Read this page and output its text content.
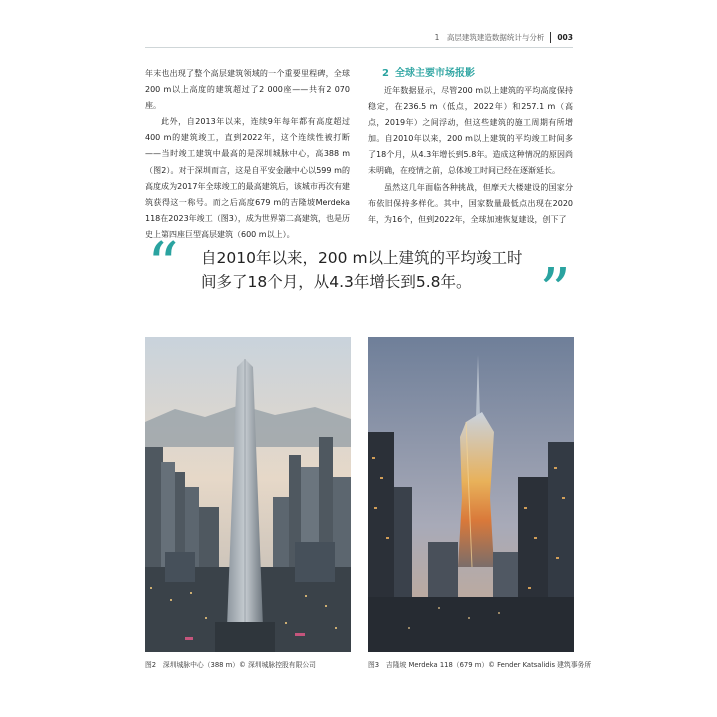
1　高层建筑建造数据统计与分析 003

年末也出现了整个高层建筑领域的一个重要里程碑，全球200 m以上高度的建筑超过了2 000座——共有2 070座。

此外，自2013年以来，连续9年每年都有高度超过400 m的建筑竣工，直到2022年，这个连续性被打断——当时竣工建筑中最高的是深圳城脉中心，高388 m（图2）。对于深圳而言，这是自平安金融中心以599 m的高度成为2017年全球竣工的最高建筑后，该城市再次有建筑获得这一称号。而之后高度679 m的吉隆坡Merdeka 118在2023年竣工（图3），成为世界第二高建筑，也是历史上第四座巨型高层建筑（600 m以上）。

2 全球主要市场报影

近年数据显示，尽管200 m以上建筑的平均高度保持稳定，在236.5 m（低点，2022年）和257.1 m（高点，2019年）之间浮动，但这些建筑的施工周期有所增加。自2010年以来，200 m以上建筑的平均竣工时间多了18个月，从4.3年增长到5.8年。造成这种情况的原因尚未明确，在疫情之前，总体竣工时间已经在逐渐延长。

虽然这几年面临各种挑战，但摩天大楼建设的国家分布依旧保持多样化。其中，国家数量最低点出现在2020年，为16个，但到2022年，全球加速恢复建设，创下了

“ 自2010年以来，200 m以上建筑的平均竣工时间多了18个月，从4.3年增长到5.8年。	”
图2　深圳城脉中心（388 m）© 深圳城脉控股有限公司	图3　吉隆坡 Merdeka 118（679 m）© Fender Katsalidis 建筑事务所
